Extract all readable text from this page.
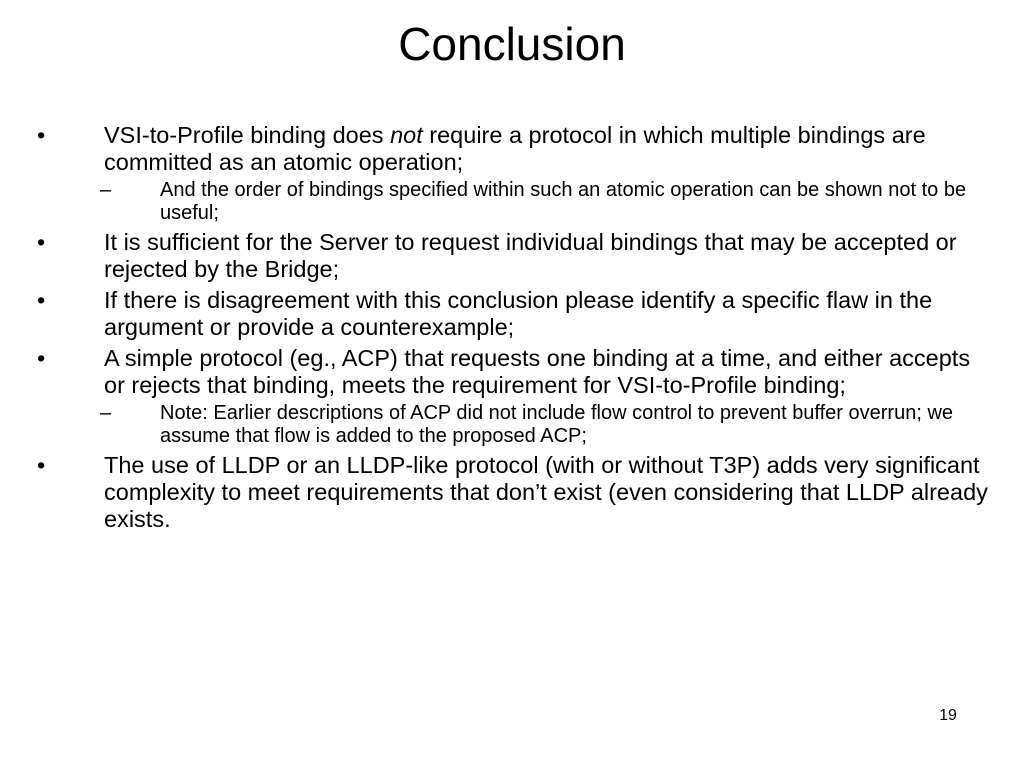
Conclusion
•	VSI-to-Profile binding does not require a protocol in which multiple bindings are committed as an atomic operation;
– And the order of bindings specified within such an atomic operation can be shown not to be useful;
•	It is sufficient for the Server to request individual bindings that may be accepted or rejected by the Bridge;
•	If there is disagreement with this conclusion please identify a specific flaw in the argument or provide a counterexample;
•	A simple protocol (eg., ACP) that requests one binding at a time, and either accepts or rejects that binding, meets the requirement for VSI-to-Profile binding;
– Note: Earlier descriptions of ACP did not include flow control to prevent buffer overrun; we assume that flow is added to the proposed ACP;
•	The use of LLDP or an LLDP-like protocol (with or without T3P) adds very significant complexity to meet requirements that don’t exist (even considering that LLDP already exists.
19
